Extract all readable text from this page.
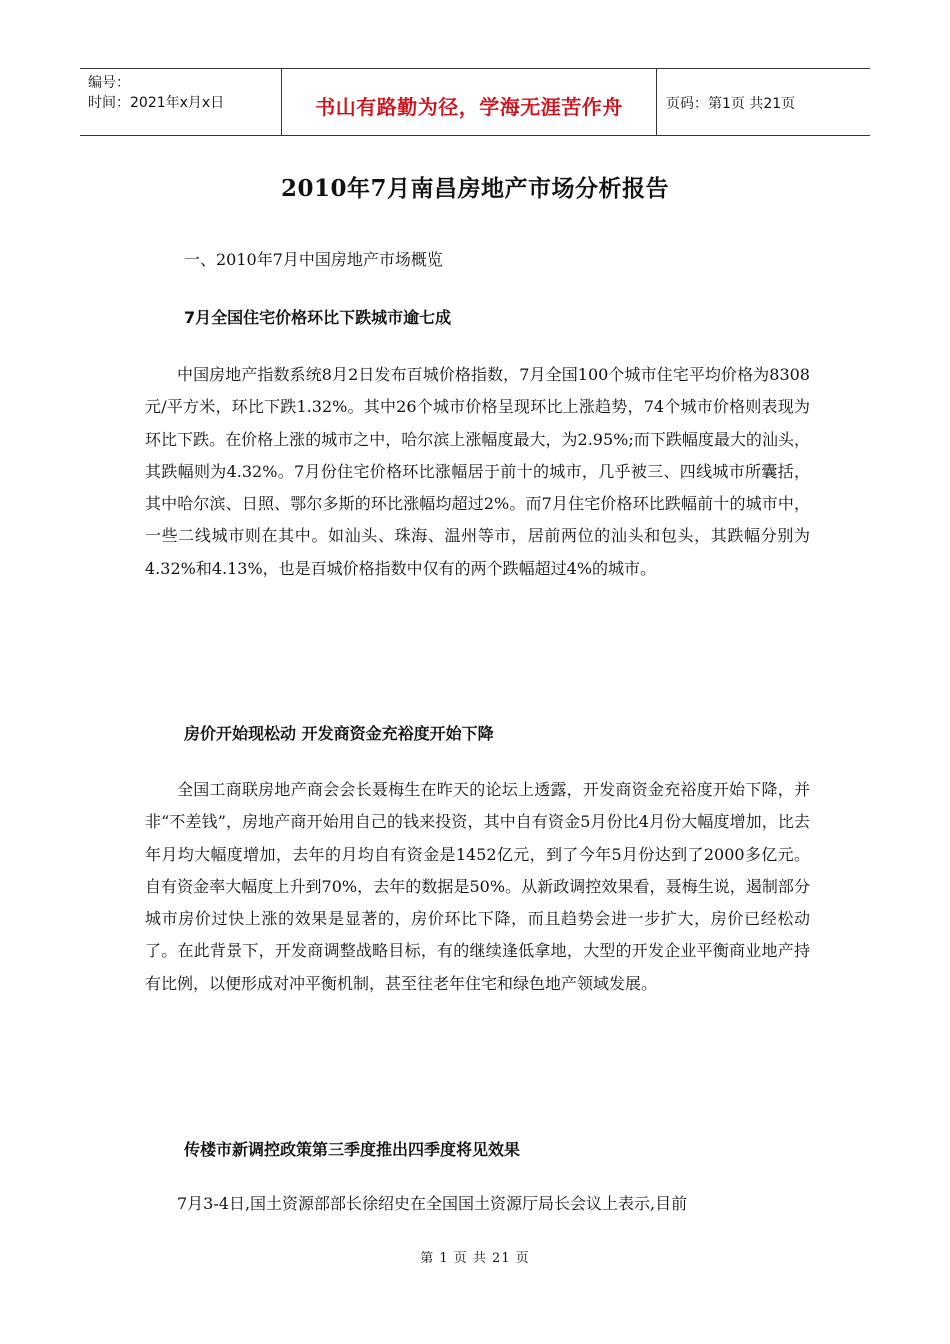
编号：
时间：2021年x月x日	书山有路勤为径，学海无涯苦作舟	页码：第1页 共21页
2010年7月南昌房地产市场分析报告
一、2010年7月中国房地产市场概览
7月全国住宅价格环比下跌城市逾七成
中国房地产指数系统8月2日发布百城价格指数，7月全国100个城市住宅平均价格为8308元/平方米，环比下跌1.32%。其中26个城市价格呈现环比上涨趋势，74个城市价格则表现为环比下跌。在价格上涨的城市之中，哈尔滨上涨幅度最大，为2.95%;而下跌幅度最大的汕头，其跌幅则为4.32%。7月份住宅价格环比涨幅居于前十的城市，几乎被三、四线城市所囊括，其中哈尔滨、日照、鄂尔多斯的环比涨幅均超过2%。而7月住宅价格环比跌幅前十的城市中，一些二线城市则在其中。如汕头、珠海、温州等市，居前两位的汕头和包头，其跌幅分别为4.32%和4.13%，也是百城价格指数中仅有的两个跌幅超过4%的城市。
房价开始现松动 开发商资金充裕度开始下降
全国工商联房地产商会会长聂梅生在昨天的论坛上透露，开发商资金充裕度开始下降，并非“不差钱”，房地产商开始用自己的钱来投资，其中自有资金5月份比4月份大幅度增加，比去年月均大幅度增加，去年的月均自有资金是1452亿元，到了今年5月份达到了2000多亿元。自有资金率大幅度上升到70%，去年的数据是50%。从新政调控效果看，聂梅生说，遏制部分城市房价过快上涨的效果是显著的，房价环比下降，而且趋势会进一步扩大，房价已经松动了。在此背景下，开发商调整战略目标，有的继续逢低拿地，大型的开发企业平衡商业地产持有比例，以便形成对冲平衡机制，甚至往老年住宅和绿色地产领域发展。
传楼市新调控政策第三季度推出四季度将见效果
7月3-4日,国土资源部部长徐绍史在全国国土资源厅局长会议上表示,目前
第 1 页 共 21 页
